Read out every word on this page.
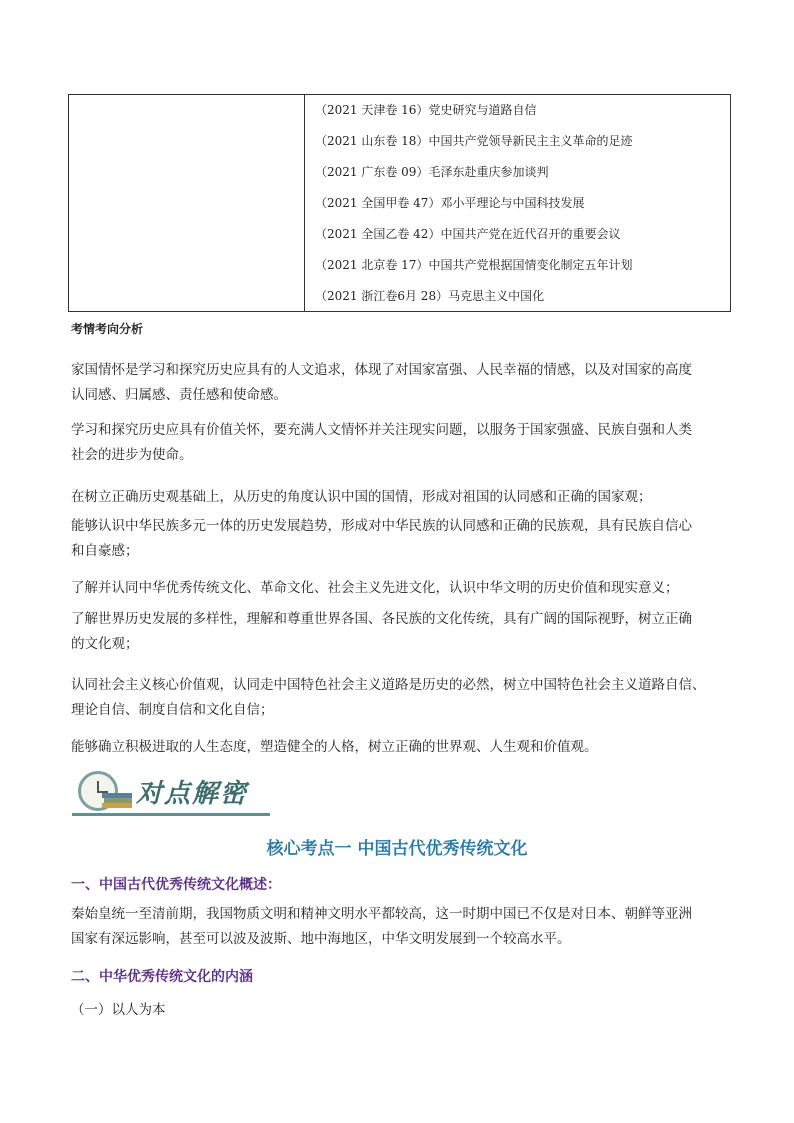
（2021 天津卷 16）党史研究与道路自信
（2021 山东卷 18）中国共产党领导新民主主义革命的足迹
（2021 广东卷 09）毛泽东赴重庆参加谈判
（2021 全国甲卷 47）邓小平理论与中国科技发展
（2021 全国乙卷 42）中国共产党在近代召开的重要会议
（2021 北京卷 17）中国共产党根据国情变化制定五年计划
（2021 浙江卷6月 28）马克思主义中国化
考情考向分析
家国情怀是学习和探究历史应具有的人文追求，体现了对国家富强、人民幸福的情感，以及对国家的高度
认同感、归属感、责任感和使命感。
学习和探究历史应具有价值关怀，要充满人文情怀并关注现实问题，以服务于国家强盛、民族自强和人类
社会的进步为使命。
在树立正确历史观基础上，从历史的角度认识中国的国情，形成对祖国的认同感和正确的国家观；
能够认识中华民族多元一体的历史发展趋势，形成对中华民族的认同感和正确的民族观，具有民族自信心
和自豪感；
了解并认同中华优秀传统文化、革命文化、社会主义先进文化，认识中华文明的历史价值和现实意义；
了解世界历史发展的多样性，理解和尊重世界各国、各民族的文化传统，具有广阔的国际视野，树立正确
的文化观；
认同社会主义核心价值观，认同走中国特色社会主义道路是历史的必然，树立中国特色社会主义道路自信、
理论自信、制度自信和文化自信；
能够确立积极进取的人生态度，塑造健全的人格，树立正确的世界观、人生观和价值观。
对点解密
核心考点一 中国古代优秀传统文化
一、中国古代优秀传统文化概述：
秦始皇统一至清前期，我国物质文明和精神文明水平都较高，这一时期中国已不仅是对日本、朝鲜等亚洲
国家有深远影响，甚至可以波及波斯、地中海地区，中华文明发展到一个较高水平。
二、中华优秀传统文化的内涵
（一）以人为本
